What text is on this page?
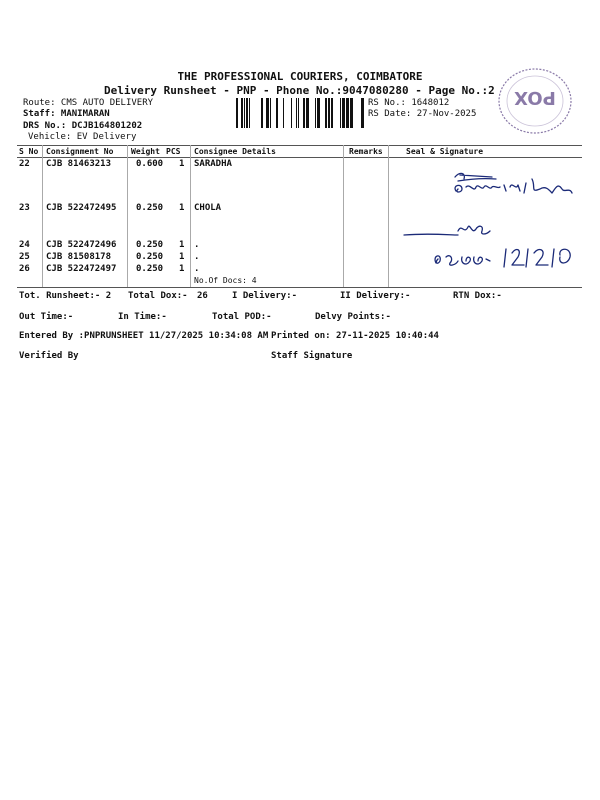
THE PROFESSIONAL COURIERS, COIMBATORE
Delivery Runsheet - PNP - Phone No.:9047080280 - Page No.:2
Route: CMS AUTO DELIVERY
Staff: MANIMARAN
DRS No.: DCJB164801202
Vehicle: EV Delivery
RS No.: 1648012
RS Date: 27-Nov-2025
POX
S No Consignment No Weight PCS Consignee Details	Remarks	Seal & Signature
22 CJB 81463213	0.600 1 SARADHA
23 CJB 522472495 0.250 1 CHOLA
24 CJB 522472496 0.250 1 .
25 CJB 81508178	0.250 1 .
26 CJB 522472497 0.250 1 .
No.Of Docs: 4
Tot. Runsheet:- 2 Total Dox:- 26	I Delivery:-	II Delivery:-	RTN Dox:-
Out Time:-	In Time:-	Total POD:-	Delvy Points:-
Entered By :PNPRUNSHEET 11/27/2025 10:34:08 AM Printed on: 27-11-2025 10:40:44
Verified By	Staff Signature
